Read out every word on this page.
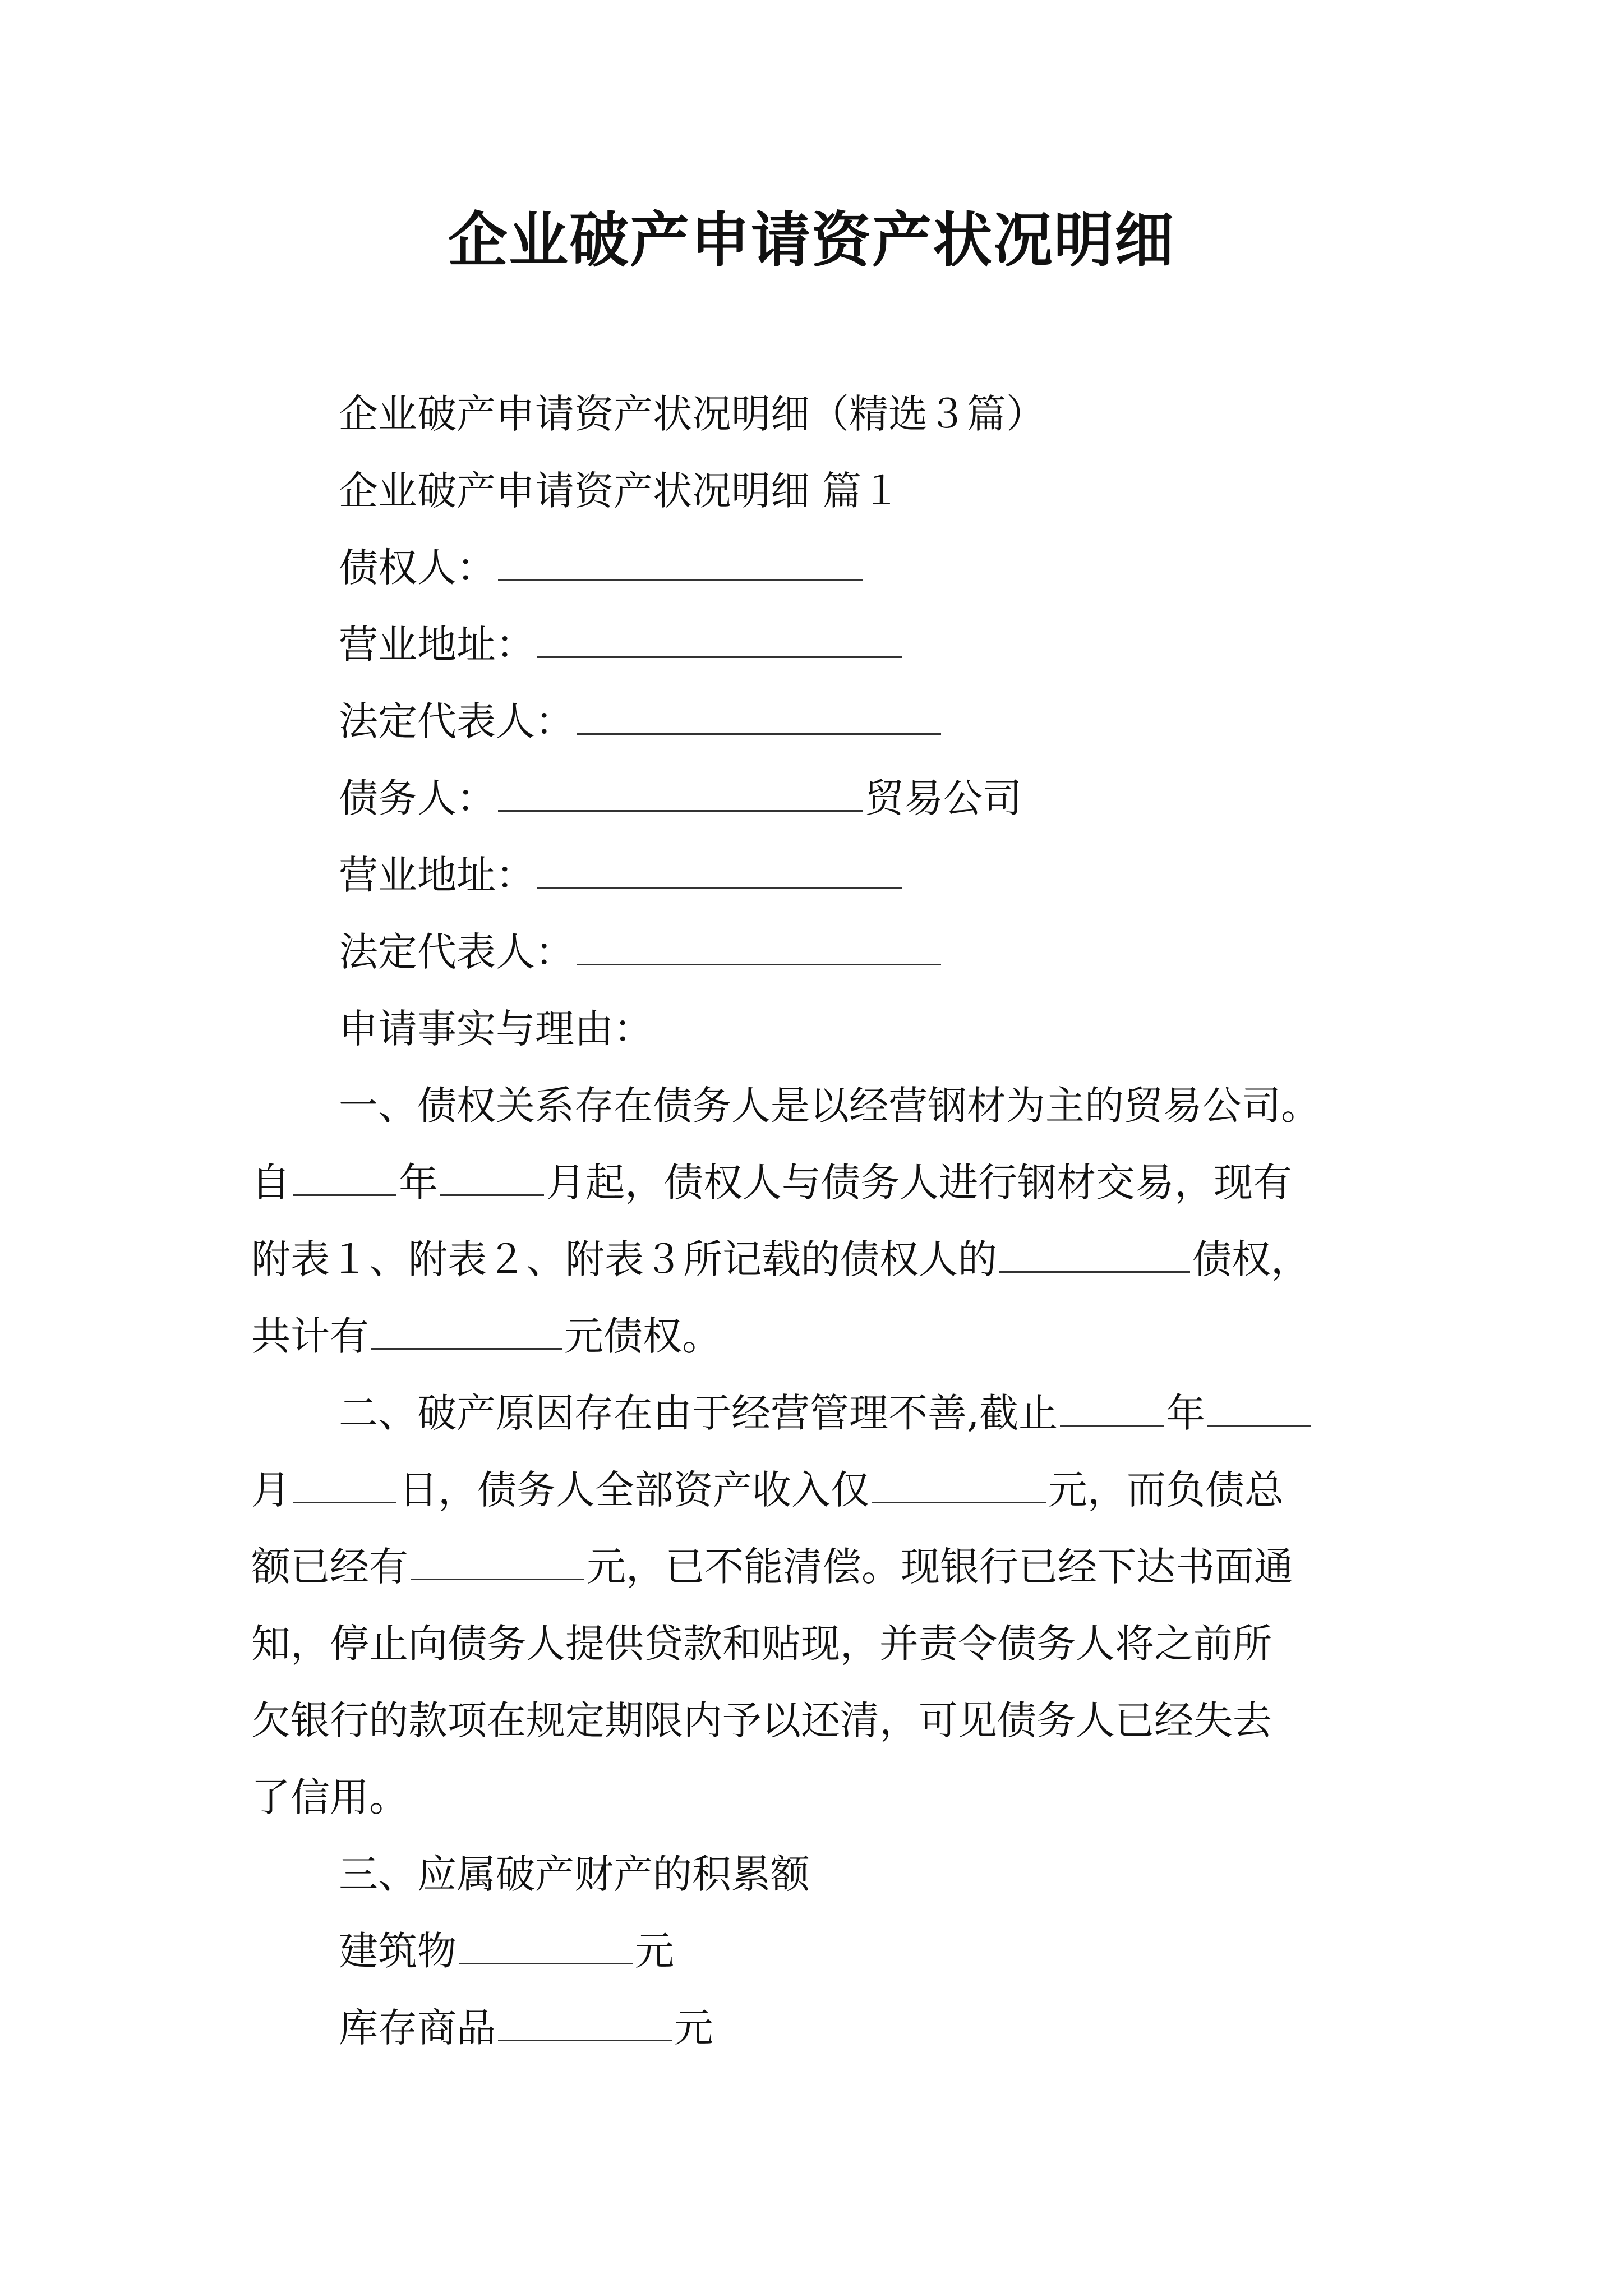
企业破产申请资产状况明细
企业破产申请资产状况明细（精选３篇）
企业破产申请资产状况明细 篇１
债权人：
营业地址：
法定代表人：
债务人：	贸易公司
营业地址：
法定代表人：
申请事实与理由：
一、债权关系存在债务人是以经营钢材为主的贸易公司。
自	年	月起，债权人与债务人进行钢材交易，现有
附表１、附表２、附表３所记载的债权人的	债权，
共计有	元债权。
二、破产原因存在由于经营管理不善,截止	年
月	日，债务人全部资产收入仅	元，而负债总
额已经有	元，已不能清偿。现银行已经下达书面通
知，停止向债务人提供贷款和贴现，并责令债务人将之前所
欠银行的款项在规定期限内予以还清，可见债务人已经失去
了信用。
三、应属破产财产的积累额
建筑物	元
库存商品	元
